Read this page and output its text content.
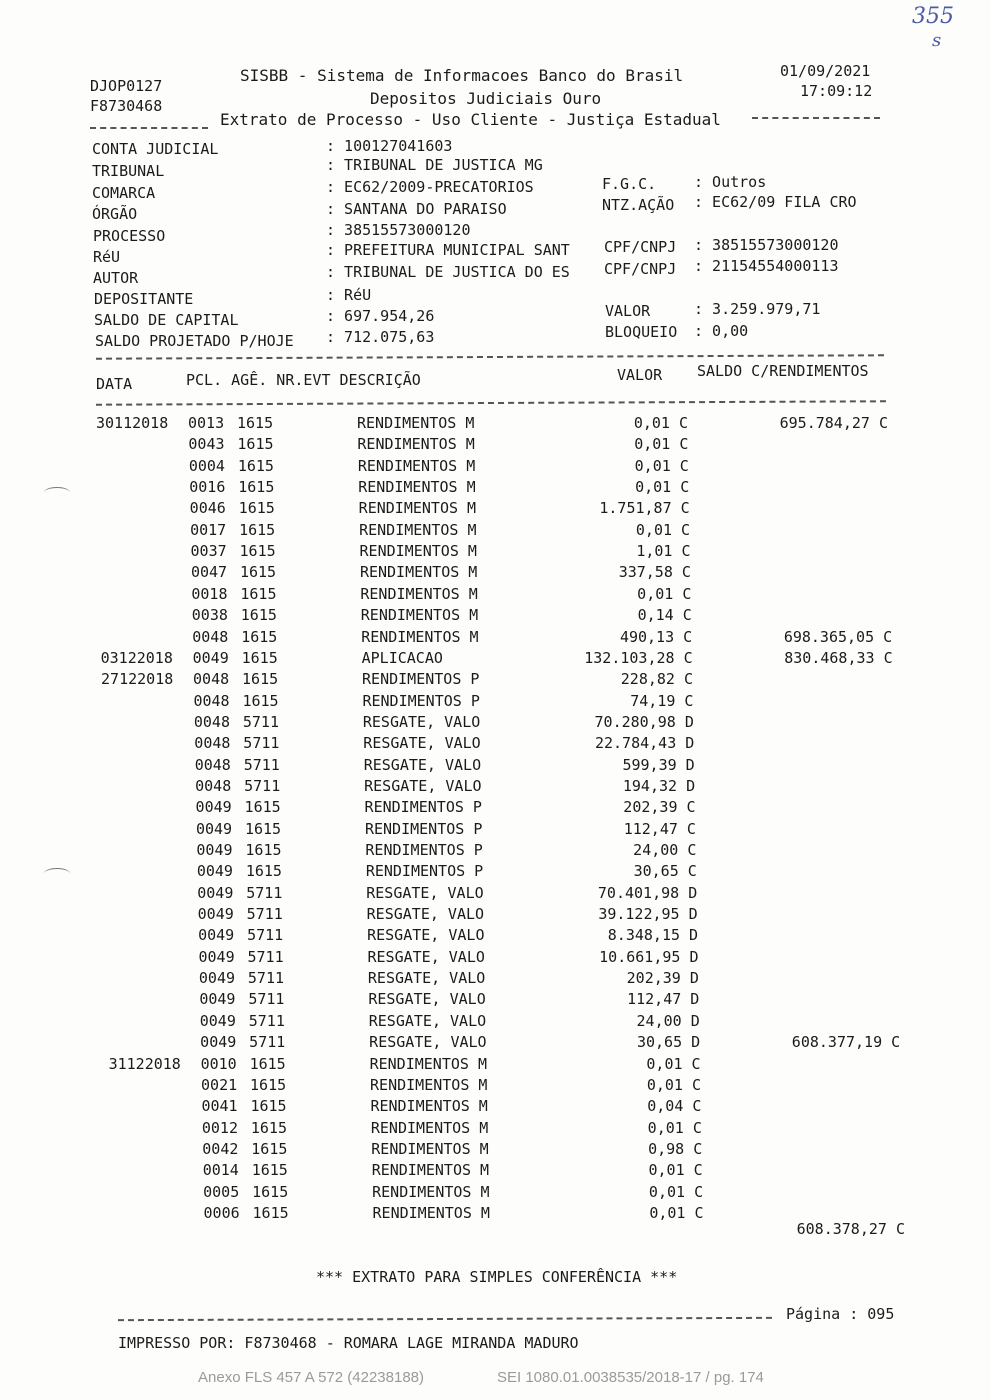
355
s
DJOP0127
F8730468
SISBB - Sistema de Informacoes Banco do Brasil
Depositos Judiciais Ouro
01/09/2021
17:09:12
Extrato de Processo - Uso Cliente - Justiça Estadual
CONTA JUDICIAL	: 100127041603
TRIBUNAL	: TRIBUNAL DE JUSTICA MG
COMARCA	: EC62/2009-PRECATORIOS	F.G.C.	: Outros
ÓRGÃO	: SANTANA DO PARAISO	NTZ.AÇÃO : EC62/09 FILA CRO
PROCESSO	: 38515573000120
RéU	: PREFEITURA MUNICIPAL SANT CPF/CNPJ : 38515573000120
AUTOR	: TRIBUNAL DE JUSTICA DO ES CPF/CNPJ : 21154554000113
DEPOSITANTE	: RéU
SALDO DE CAPITAL	: 697.954,26	VALOR	: 3.259.979,71
SALDO PROJETADO P/HOJE : 712.075,63	BLOQUEIO : 0,00
DATA	PCL. AGÊ. NR.EVT DESCRIÇÃO	VALOR SALDO C/RENDIMENTOS
30112018 0013 1615	RENDIMENTOS M	0,01 C	695.784,27 C
0043 1615	RENDIMENTOS M	0,01 C
0004 1615	RENDIMENTOS M	0,01 C
0016 1615	RENDIMENTOS M	0,01 C
0046 1615	RENDIMENTOS M	1.751,87 C
0017 1615	RENDIMENTOS M	0,01 C
0037 1615	RENDIMENTOS M	1,01 C
0047 1615	RENDIMENTOS M	337,58 C
0018 1615	RENDIMENTOS M	0,01 C
0038 1615	RENDIMENTOS M	0,14 C
0048 1615	RENDIMENTOS M	490,13 C	698.365,05 C
03122018 0049 1615	APLICACAO	132.103,28 C	830.468,33 C
27122018 0048 1615	RENDIMENTOS P	228,82 C
0048 1615	RENDIMENTOS P	74,19 C
0048 5711	RESGATE, VALO	70.280,98 D
0048 5711	RESGATE, VALO	22.784,43 D
0048 5711	RESGATE, VALO	599,39 D
0048 5711	RESGATE, VALO	194,32 D
0049 1615	RENDIMENTOS P	202,39 C
0049 1615	RENDIMENTOS P	112,47 C
0049 1615	RENDIMENTOS P	24,00 C
0049 1615	RENDIMENTOS P	30,65 C
0049 5711	RESGATE, VALO	70.401,98 D
0049 5711	RESGATE, VALO	39.122,95 D
0049 5711	RESGATE, VALO	8.348,15 D
0049 5711	RESGATE, VALO	10.661,95 D
0049 5711	RESGATE, VALO	202,39 D
0049 5711	RESGATE, VALO	112,47 D
0049 5711	RESGATE, VALO	24,00 D
0049 5711	RESGATE, VALO	30,65 D	608.377,19 C
31122018 0010 1615	RENDIMENTOS M	0,01 C
0021 1615	RENDIMENTOS M	0,01 C
0041 1615	RENDIMENTOS M	0,04 C
0012 1615	RENDIMENTOS M	0,01 C
0042 1615	RENDIMENTOS M	0,98 C
0014 1615	RENDIMENTOS M	0,01 C
0005 1615	RENDIMENTOS M	0,01 C
0006 1615	RENDIMENTOS M	0,01 C
608.378,27 C
*** EXTRATO PARA SIMPLES CONFERÊNCIA ***
Página : 095
IMPRESSO POR: F8730468 - ROMARA LAGE MIRANDA MADURO
Anexo FLS 457 A 572 (42238188)	SEI 1080.01.0038535/2018-17 / pg. 174
